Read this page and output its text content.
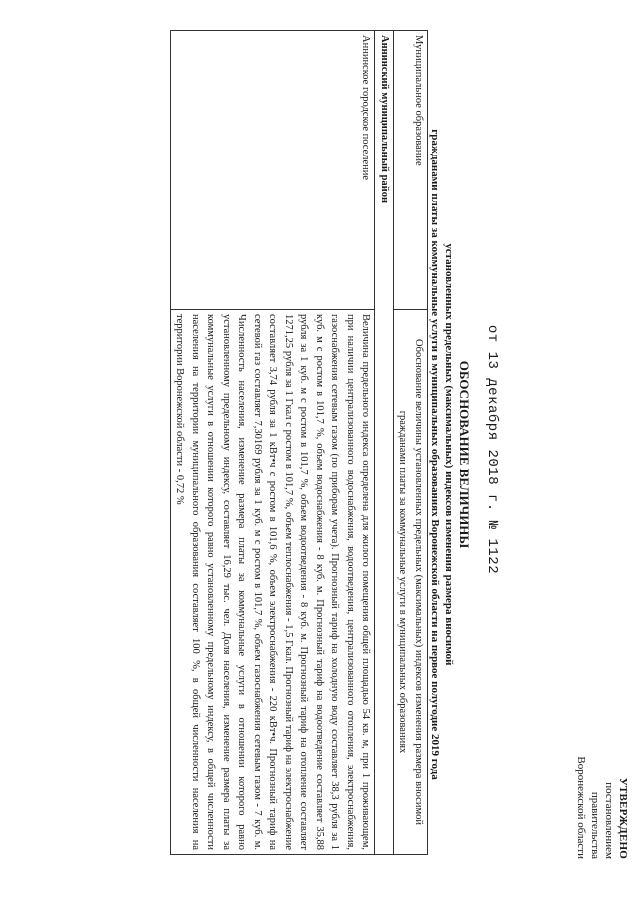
УТВЕРЖДЕНО
постановлением
правительства
Воронежской области
от 13 декабря 2018 г. № 1122
ОБОСНОВАНИЕ ВЕЛИЧИНЫ
установленных предельных (максимальных) индексов изменения размера вносимой
гражданами платы за коммунальные услуги в муниципальных образованиях Воронежской области на первое полугодие 2019 года
Муниципальное образование	Обоснование величины установленных предельных (максимальных) индексов изменения размера вносимой гражданами платы за коммунальные услуги в муниципальных образованиях
Аннинский муниципальный район	
Аннинское городское поселение	Величина предельного индекса определена для жилого помещения общей площадью 54 кв. м, при 1 проживающем, при наличии централизованного водоснабжения, водоотведения, централизованного отопления, электроснабжения, газоснабжения сетевым газом (по приборам учета). Прогнозный тариф на холодную воду составляет 38,3 рубля за 1 куб. м с ростом в 101,7 %, объем водоснабжения - 8 куб. м. Прогнозный тариф на водоотведение составляет 35,88 рубля за 1 куб. м с ростом в 101,7 %, объем водоотведения - 8 куб. м. Прогнозный тариф на отопление составляет 1271,25 рубля за 1 Гкал с ростом в 101,7 %, объем теплоснабжения - 1,5 Гкал. Прогнозный тариф на электроснабжение составляет 3,74 рубля за 1 кВт•ч с ростом в 101,6 %, объем электроснабжения - 220 кВт•ч. Прогнозный тариф на сетевой газ составляет 7,30169 рубля за 1 куб. м с ростом в 101,7 %, объем газоснабжения сетевым газом - 7 куб. м. Численность населения, изменение размера платы за коммунальные услуги в отношении которого равно установленному предельному индексу, составляет 16,29 тыс. чел. Доля населения, изменение размера платы за коммунальные услуги в отношении которого равно установленному предельному индексу, в общей численности населения на территории муниципального образования составляет 100 %, в общей численности населения на территории Воронежской области - 0,72 %
